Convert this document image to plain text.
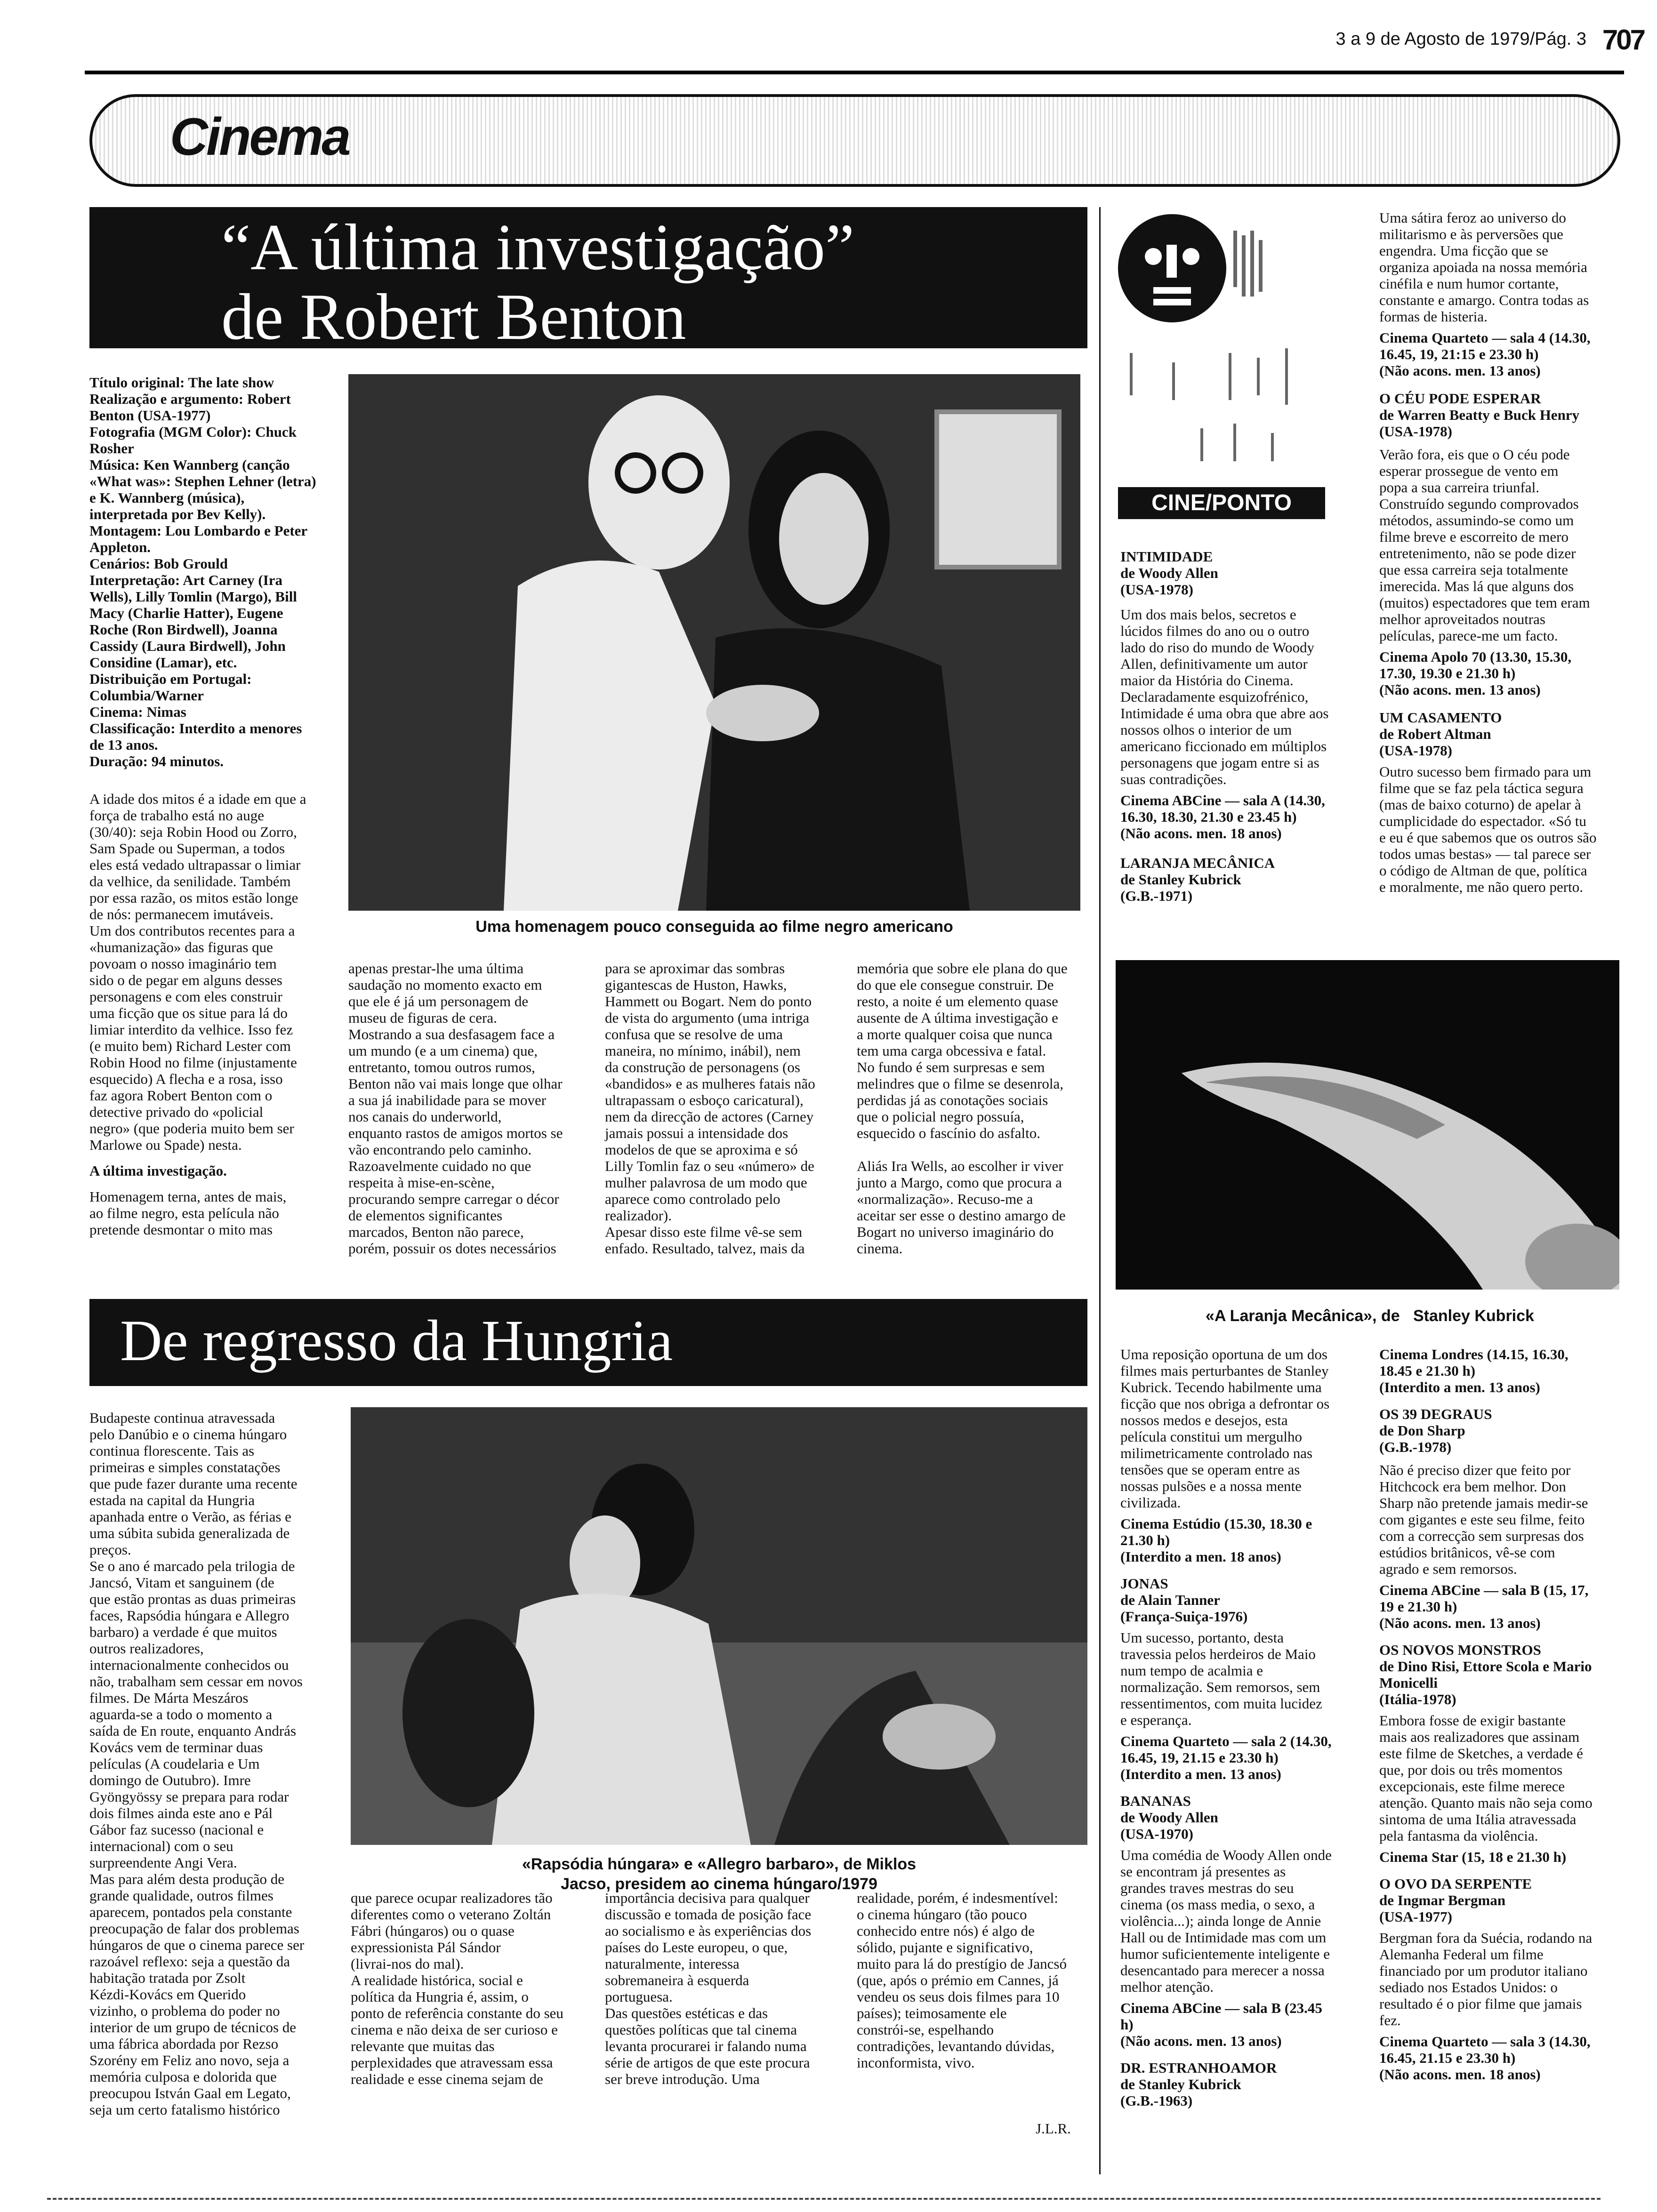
3 a 9 de Agosto de 1979/Pág. 3 707
Cinema
“A última investigação”
de Robert Benton

Título original: The late show
Realização e argumento: Robert
Benton (USA-1977)
Fotografia (MGM Color): Chuck
Rosher
Música: Ken Wannberg (canção
«What was»: Stephen Lehner (letra)
e K. Wannberg (música),
interpretada por Bev Kelly).
Montagem: Lou Lombardo e Peter
Appleton.
Cenários: Bob Grould
Interpretação: Art Carney (Ira
Wells), Lilly Tomlin (Margo), Bill
Macy (Charlie Hatter), Eugene
Roche (Ron Birdwell), Joanna
Cassidy (Laura Birdwell), John
Considine (Lamar), etc.
Distribuição em Portugal:
Columbia/Warner
Cinema: Nimas
Classificação: Interdito a menores
de 13 anos.
Duração: 94 minutos.

A idade dos mitos é a idade em que a
força de trabalho está no auge
(30/40): seja Robin Hood ou Zorro,
Sam Spade ou Superman, a todos
eles está vedado ultrapassar o limiar
da velhice, da senilidade. Também
por essa razão, os mitos estão longe
de nós: permanecem imutáveis.
Um dos contributos recentes para a
«humanização» das figuras que
povoam o nosso imaginário tem
sido o de pegar em alguns desses
personagens e com eles construir
uma ficção que os situe para lá do
limiar interdito da velhice. Isso fez
(e muito bem) Richard Lester com
Robin Hood no filme (injustamente
esquecido) A flecha e a rosa, isso
faz agora Robert Benton com o
detective privado do «policial
negro» (que poderia muito bem ser
Marlowe ou Spade) nesta.

A última investigação.

Homenagem terna, antes de mais,
ao filme negro, esta película não
pretende desmontar o mito mas

Uma homenagem pouco conseguida ao filme negro americano

apenas prestar-lhe uma última
saudação no momento exacto em
que ele é já um personagem de
museu de figuras de cera.
Mostrando a sua desfasagem face a
um mundo (e a um cinema) que,
entretanto, tomou outros rumos,
Benton não vai mais longe que olhar
a sua já inabilidade para se mover
nos canais do underworld,
enquanto rastos de amigos mortos se
vão encontrando pelo caminho.
Razoavelmente cuidado no que
respeita à mise-en-scène,
procurando sempre carregar o décor
de elementos significantes
marcados, Benton não parece,
porém, possuir os dotes necessários

para se aproximar das sombras
gigantescas de Huston, Hawks,
Hammett ou Bogart. Nem do ponto
de vista do argumento (uma intriga
confusa que se resolve de uma
maneira, no mínimo, inábil), nem
da construção de personagens (os
«bandidos» e as mulheres fatais não
ultrapassam o esboço caricatural),
nem da direcção de actores (Carney
jamais possui a intensidade dos
modelos de que se aproxima e só
Lilly Tomlin faz o seu «número» de
mulher palavrosa de um modo que
aparece como controlado pelo
realizador).
Apesar disso este filme vê-se sem
enfado. Resultado, talvez, mais da

memória que sobre ele plana do que
do que ele consegue construir. De
resto, a noite é um elemento quase
ausente de A última investigação e
a morte qualquer coisa que nunca
tem uma carga obcessiva e fatal.
No fundo é sem surpresas e sem
melindres que o filme se desenrola,
perdidas já as conotações sociais
que o policial negro possuía,
esquecido o fascínio do asfalto.

Aliás Ira Wells, ao escolher ir viver
junto a Margo, como que procura a
«normalização». Recuso-me a
aceitar ser esse o destino amargo de
Bogart no universo imaginário do
cinema.

De regresso da Hungria

Budapeste continua atravessada
pelo Danúbio e o cinema húngaro
continua florescente. Tais as
primeiras e simples constatações
que pude fazer durante uma recente
estada na capital da Hungria
apanhada entre o Verão, as férias e
uma súbita subida generalizada de
preços.
Se o ano é marcado pela trilogia de
Jancsó, Vitam et sanguinem (de
que estão prontas as duas primeiras
faces, Rapsódia húngara e Allegro
barbaro) a verdade é que muitos
outros realizadores,
internacionalmente conhecidos ou
não, trabalham sem cessar em novos
filmes. De Márta Meszáros
aguarda-se a todo o momento a
saída de En route, enquanto András
Kovács vem de terminar duas
películas (A coudelaria e Um
domingo de Outubro). Imre
Gyöngyössy se prepara para rodar
dois filmes ainda este ano e Pál
Gábor faz sucesso (nacional e
internacional) com o seu
surpreendente Angi Vera.
Mas para além desta produção de
grande qualidade, outros filmes
aparecem, pontados pela constante
preocupação de falar dos problemas
húngaros de que o cinema parece ser
razoável reflexo: seja a questão da
habitação tratada por Zsolt
Kézdi-Kovács em Querido
vizinho, o problema do poder no
interior de um grupo de técnicos de
uma fábrica abordada por Rezso
Szorény em Feliz ano novo, seja a
memória culposa e dolorida que
preocupou István Gaal em Legato,
seja um certo fatalismo histórico

«Rapsódia húngara» e «Allegro barbaro», de Miklos
Jacso, presidem ao cinema húngaro/1979

que parece ocupar realizadores tão
diferentes como o veterano Zoltán
Fábri (húngaros) ou o quase
expressionista Pál Sándor
(livrai-nos do mal).
A realidade histórica, social e
política da Hungria é, assim, o
ponto de referência constante do seu
cinema e não deixa de ser curioso e
relevante que muitas das
perplexidades que atravessam essa
realidade e esse cinema sejam de

importância decisiva para qualquer
discussão e tomada de posição face
ao socialismo e às experiências dos
países do Leste europeu, o que,
naturalmente, interessa
sobremaneira à esquerda
portuguesa.
Das questões estéticas e das
questões políticas que tal cinema
levanta procurarei ir falando numa
série de artigos de que este procura
ser breve introdução. Uma

realidade, porém, é indesmentível:
o cinema húngaro (tão pouco
conhecido entre nós) é algo de
sólido, pujante e significativo,
muito para lá do prestígio de Jancsó
(que, após o prémio em Cannes, já
vendeu os seus dois filmes para 10
países); teimosamente ele
constrói-se, espelhando
contradições, levantando dúvidas,
inconformista, vivo.

J.L.R.
CINE/PONTO

INTIMIDADE
de Woody Allen
(USA-1978)

Um dos mais belos, secretos e
lúcidos filmes do ano ou o outro
lado do riso do mundo de Woody
Allen, definitivamente um autor
maior da História do Cinema.
Declaradamente esquizofrénico,
Intimidade é uma obra que abre aos
nossos olhos o interior de um
americano ficcionado em múltiplos
personagens que jogam entre si as
suas contradições.

Cinema ABCine — sala A (14.30,
16.30, 18.30, 21.30 e 23.45 h)
(Não acons. men. 18 anos)

LARANJA MECÂNICA
de Stanley Kubrick
(G.B.-1971)

Uma sátira feroz ao universo do
militarismo e às perversões que
engendra. Uma ficção que se
organiza apoiada na nossa memória
cinéfila e num humor cortante,
constante e amargo. Contra todas as
formas de histeria.

Cinema Quarteto — sala 4 (14.30,
16.45, 19, 21:15 e 23.30 h)
(Não acons. men. 13 anos)

O CÉU PODE ESPERAR
de Warren Beatty e Buck Henry
(USA-1978)

Verão fora, eis que o O céu pode
esperar prossegue de vento em
popa a sua carreira triunfal.
Construído segundo comprovados
métodos, assumindo-se como um
filme breve e escorreito de mero
entretenimento, não se pode dizer
que essa carreira seja totalmente
imerecida. Mas lá que alguns dos
(muitos) espectadores que tem eram
melhor aproveitados noutras
películas, parece-me um facto.

Cinema Apolo 70 (13.30, 15.30,
17.30, 19.30 e 21.30 h)
(Não acons. men. 13 anos)

UM CASAMENTO
de Robert Altman
(USA-1978)

Outro sucesso bem firmado para um
filme que se faz pela táctica segura
(mas de baixo coturno) de apelar à
cumplicidade do espectador. «Só tu
e eu é que sabemos que os outros são
todos umas bestas» — tal parece ser
o código de Altman de que, política
e moralmente, me não quero perto.

«A Laranja Mecânica», de   Stanley Kubrick

Uma reposição oportuna de um dos
filmes mais perturbantes de Stanley
Kubrick. Tecendo habilmente uma
ficção que nos obriga a defrontar os
nossos medos e desejos, esta
película constitui um mergulho
milimetricamente controlado nas
tensões que se operam entre as
nossas pulsões e a nossa mente
civilizada.

Cinema Estúdio (15.30, 18.30 e
21.30 h)
(Interdito a men. 18 anos)

JONAS
de Alain Tanner
(França-Suiça-1976)

Um sucesso, portanto, desta
travessia pelos herdeiros de Maio
num tempo de acalmia e
normalização. Sem remorsos, sem
ressentimentos, com muita lucidez
e esperança.

Cinema Quarteto — sala 2 (14.30,
16.45, 19, 21.15 e 23.30 h)
(Interdito a men. 13 anos)

BANANAS
de Woody Allen
(USA-1970)

Uma comédia de Woody Allen onde
se encontram já presentes as
grandes traves mestras do seu
cinema (os mass media, o sexo, a
violência...); ainda longe de Annie
Hall ou de Intimidade mas com um
humor suficientemente inteligente e
desencantado para merecer a nossa
melhor atenção.

Cinema ABCine — sala B (23.45
h)
(Não acons. men. 13 anos)

DR. ESTRANHOAMOR
de Stanley Kubrick
(G.B.-1963)

Cinema Londres (14.15, 16.30,
18.45 e 21.30 h)
(Interdito a men. 13 anos)

OS 39 DEGRAUS
de Don Sharp
(G.B.-1978)

Não é preciso dizer que feito por
Hitchcock era bem melhor. Don
Sharp não pretende jamais medir-se
com gigantes e este seu filme, feito
com a correcção sem surpresas dos
estúdios britânicos, vê-se com
agrado e sem remorsos.

Cinema ABCine — sala B (15, 17,
19 e 21.30 h)
(Não acons. men. 13 anos)

OS NOVOS MONSTROS
de Dino Risi, Ettore Scola e Mario
Monicelli
(Itália-1978)

Embora fosse de exigir bastante
mais aos realizadores que assinam
este filme de Sketches, a verdade é
que, por dois ou três momentos
excepcionais, este filme merece
atenção. Quanto mais não seja como
sintoma de uma Itália atravessada
pela fantasma da violência.

Cinema Star (15, 18 e 21.30 h)

O OVO DA SERPENTE
de Ingmar Bergman
(USA-1977)

Bergman fora da Suécia, rodando na
Alemanha Federal um filme
financiado por um produtor italiano
sediado nos Estados Unidos: o
resultado é o pior filme que jamais
fez.

Cinema Quarteto — sala 3 (14.30,
16.45, 21.15 e 23.30 h)
(Não acons. men. 18 anos)
